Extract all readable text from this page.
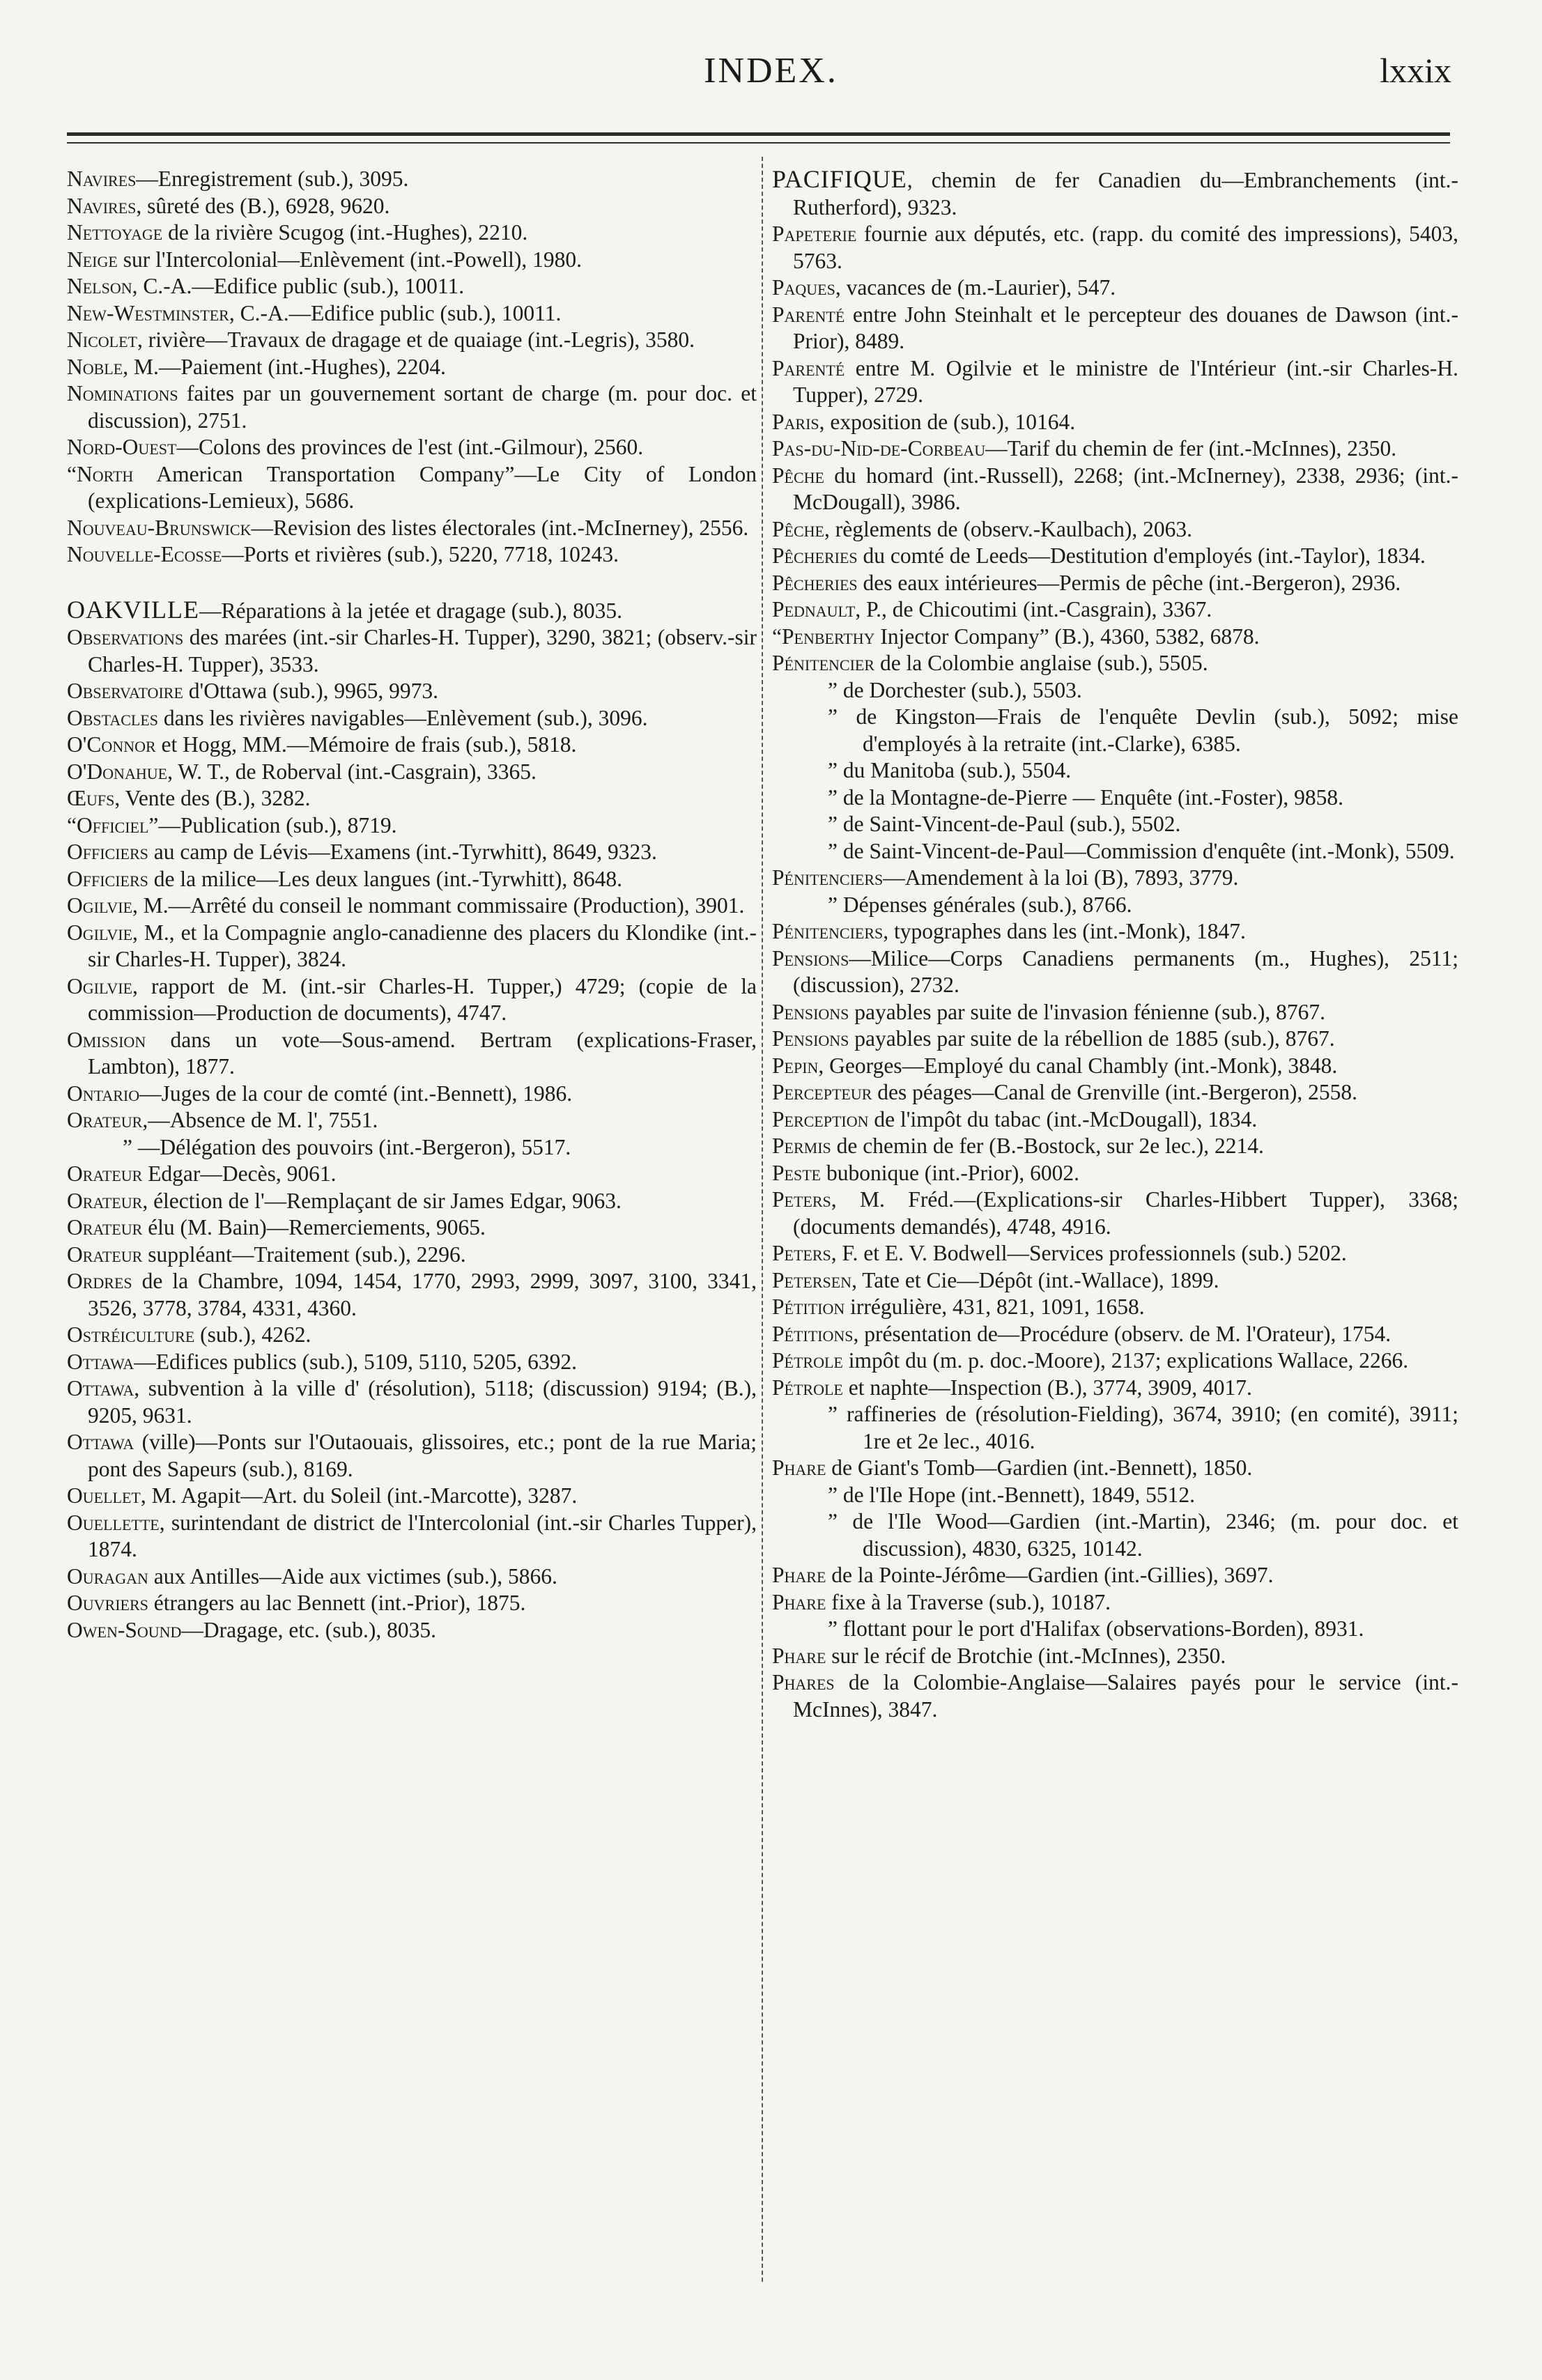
INDEX.	lxxix

Navires—Enregistrement (sub.), 3095.

Navires, sûreté des (B.), 6928, 9620.

Nettoyage de la rivière Scugog (int.-Hughes), 2210.

Neige sur l'Intercolonial—Enlèvement (int.-Powell), 1980.

Nelson, C.-A.—Edifice public (sub.), 10011.

New-Westminster, C.-A.—Edifice public (sub.), 10011.

Nicolet, rivière—Travaux de dragage et de quaiage (int.-Legris), 3580.

Noble, M.—Paiement (int.-Hughes), 2204.

Nominations faites par un gouvernement sortant de charge (m. pour doc. et discussion), 2751.

Nord-Ouest—Colons des provinces de l'est (int.-Gilmour), 2560.

“North American Transportation Company”—Le City of London (explications-Lemieux), 5686.

Nouveau-Brunswick—Revision des listes électorales (int.-McInerney), 2556.

Nouvelle-Ecosse—Ports et rivières (sub.), 5220, 7718, 10243.

OAKVILLE—Réparations à la jetée et dragage (sub.), 8035.

Observations des marées (int.-sir Charles-H. Tupper), 3290, 3821; (observ.-sir Charles-H. Tupper), 3533.

Observatoire d'Ottawa (sub.), 9965, 9973.

Obstacles dans les rivières navigables—Enlèvement (sub.), 3096.

O'Connor et Hogg, MM.—Mémoire de frais (sub.), 5818.

O'Donahue, W. T., de Roberval (int.-Casgrain), 3365.

Œufs, Vente des (B.), 3282.

“Officiel”—Publication (sub.), 8719.

Officiers au camp de Lévis—Examens (int.-Tyrwhitt), 8649, 9323.

Officiers de la milice—Les deux langues (int.-Tyrwhitt), 8648.

Ogilvie, M.—Arrêté du conseil le nommant commissaire (Production), 3901.

Ogilvie, M., et la Compagnie anglo-canadienne des placers du Klondike (int.-sir Charles-H. Tupper), 3824.

Ogilvie, rapport de M. (int.-sir Charles-H. Tupper,) 4729; (copie de la commission—Production de documents), 4747.

Omission dans un vote—Sous-amend. Bertram (explications-Fraser, Lambton), 1877.

Ontario—Juges de la cour de comté (int.-Bennett), 1986.

Orateur,—Absence de M. l', 7551.

” —Délégation des pouvoirs (int.-Bergeron), 5517.

Orateur Edgar—Decès, 9061.

Orateur, élection de l'—Remplaçant de sir James Edgar, 9063.

Orateur élu (M. Bain)—Remerciements, 9065.

Orateur suppléant—Traitement (sub.), 2296.

Ordres de la Chambre, 1094, 1454, 1770, 2993, 2999, 3097, 3100, 3341, 3526, 3778, 3784, 4331, 4360.

Ostréiculture (sub.), 4262.

Ottawa—Edifices publics (sub.), 5109, 5110, 5205, 6392.

Ottawa, subvention à la ville d' (résolution), 5118; (discussion) 9194; (B.), 9205, 9631.

Ottawa (ville)—Ponts sur l'Outaouais, glissoires, etc.; pont de la rue Maria; pont des Sapeurs (sub.), 8169.

Ouellet, M. Agapit—Art. du Soleil (int.-Marcotte), 3287.

Ouellette, surintendant de district de l'Intercolonial (int.-sir Charles Tupper), 1874.

Ouragan aux Antilles—Aide aux victimes (sub.), 5866.

Ouvriers étrangers au lac Bennett (int.-Prior), 1875.

Owen-Sound—Dragage, etc. (sub.), 8035.

PACIFIQUE, chemin de fer Canadien du—Embranchements (int.-Rutherford), 9323.

Papeterie fournie aux députés, etc. (rapp. du comité des impressions), 5403, 5763.

Paques, vacances de (m.-Laurier), 547.

Parenté entre John Steinhalt et le percepteur des douanes de Dawson (int.-Prior), 8489.

Parenté entre M. Ogilvie et le ministre de l'Intérieur (int.-sir Charles-H. Tupper), 2729.

Paris, exposition de (sub.), 10164.

Pas-du-Nid-de-Corbeau—Tarif du chemin de fer (int.-McInnes), 2350.

Pêche du homard (int.-Russell), 2268; (int.-McInerney), 2338, 2936; (int.-McDougall), 3986.

Pêche, règlements de (observ.-Kaulbach), 2063.

Pêcheries du comté de Leeds—Destitution d'employés (int.-Taylor), 1834.

Pêcheries des eaux intérieures—Permis de pêche (int.-Bergeron), 2936.

Pednault, P., de Chicoutimi (int.-Casgrain), 3367.

“Penberthy Injector Company” (B.), 4360, 5382, 6878.

Pénitencier de la Colombie anglaise (sub.), 5505.

” de Dorchester (sub.), 5503.

” de Kingston—Frais de l'enquête Devlin (sub.), 5092; mise d'employés à la retraite (int.-Clarke), 6385.

” du Manitoba (sub.), 5504.

” de la Montagne-de-Pierre — Enquête (int.-Foster), 9858.

” de Saint-Vincent-de-Paul (sub.), 5502.

” de Saint-Vincent-de-Paul—Commission d'enquête (int.-Monk), 5509.

Pénitenciers—Amendement à la loi (B), 7893, 3779.

” Dépenses générales (sub.), 8766.

Pénitenciers, typographes dans les (int.-Monk), 1847.

Pensions—Milice—Corps Canadiens permanents (m., Hughes), 2511; (discussion), 2732.

Pensions payables par suite de l'invasion fénienne (sub.), 8767.

Pensions payables par suite de la rébellion de 1885 (sub.), 8767.

Pepin, Georges—Employé du canal Chambly (int.-Monk), 3848.

Percepteur des péages—Canal de Grenville (int.-Bergeron), 2558.

Perception de l'impôt du tabac (int.-McDougall), 1834.

Permis de chemin de fer (B.-Bostock, sur 2e lec.), 2214.

Peste bubonique (int.-Prior), 6002.

Peters, M. Fréd.—(Explications-sir Charles-Hibbert Tupper), 3368; (documents demandés), 4748, 4916.

Peters, F. et E. V. Bodwell—Services professionnels (sub.) 5202.

Petersen, Tate et Cie—Dépôt (int.-Wallace), 1899.

Pétition irrégulière, 431, 821, 1091, 1658.

Pétitions, présentation de—Procédure (observ. de M. l'Orateur), 1754.

Pétrole impôt du (m. p. doc.-Moore), 2137; explications Wallace, 2266.

Pétrole et naphte—Inspection (B.), 3774, 3909, 4017.

” raffineries de (résolution-Fielding), 3674, 3910; (en comité), 3911; 1re et 2e lec., 4016.

Phare de Giant's Tomb—Gardien (int.-Bennett), 1850.

” de l'Ile Hope (int.-Bennett), 1849, 5512.

” de l'Ile Wood—Gardien (int.-Martin), 2346; (m. pour doc. et discussion), 4830, 6325, 10142.

Phare de la Pointe-Jérôme—Gardien (int.-Gillies), 3697.

Phare fixe à la Traverse (sub.), 10187.

” flottant pour le port d'Halifax (observations-Borden), 8931.

Phare sur le récif de Brotchie (int.-McInnes), 2350.

Phares de la Colombie-Anglaise—Salaires payés pour le service (int.-McInnes), 3847.
